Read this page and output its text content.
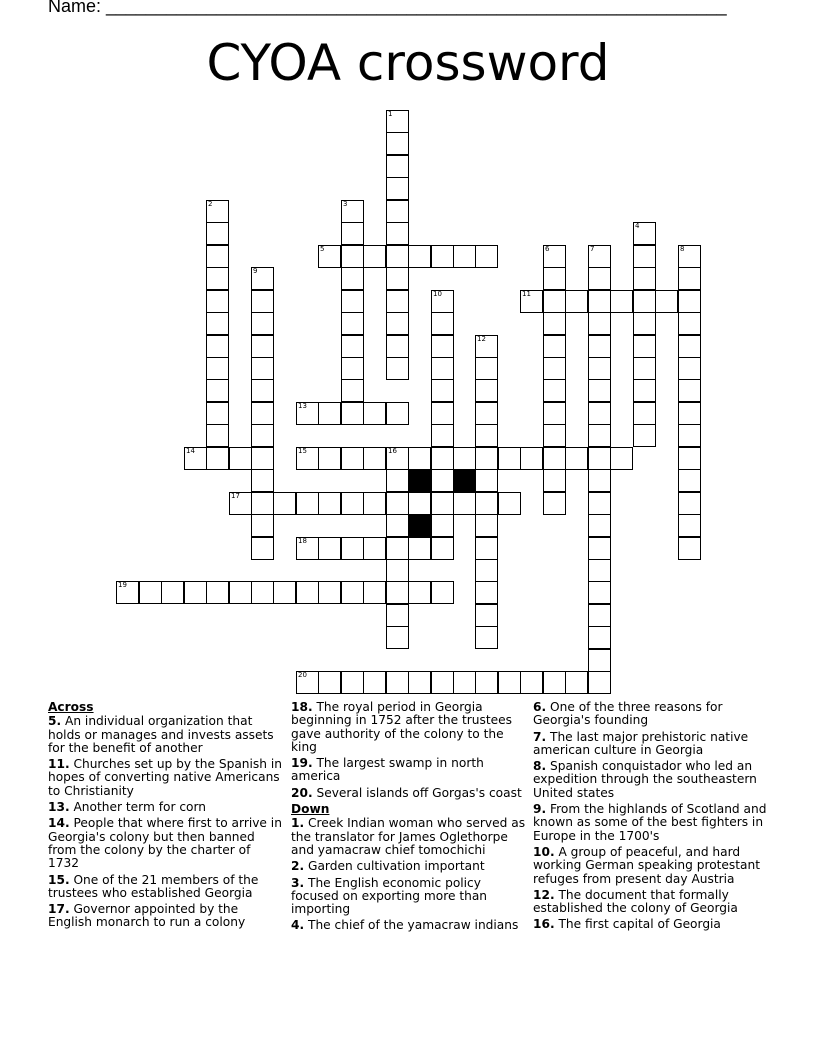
Name: ______________________________________________________________
CYOA crossword
1
2	3
4
5	6	7	8
9
10	11
12
13
14	15	16
17
18
19
20
Across
5. An individual organization that holds or manages and invests assets for the benefit of another
11. Churches set up by the Spanish in hopes of converting native Americans to Christianity
13. Another term for corn
14. People that where first to arrive in Georgia's colony but then banned from the colony by the charter of 1732
15. One of the 21 members of the trustees who established Georgia
17. Governor appointed by the English monarch to run a colony
18. The royal period in Georgia beginning in 1752 after the trustees gave authority of the colony to the king
19. The largest swamp in north america
20. Several islands off Gorgas's coast
Down
1. Creek Indian woman who served as the translator for James Oglethorpe and yamacraw chief tomochichi
2. Garden cultivation important
3. The English economic policy focused on exporting more than importing
4. The chief of the yamacraw indians
6. One of the three reasons for Georgia's founding
7. The last major prehistoric native american culture in Georgia
8. Spanish conquistador who led an expedition through the southeastern United states
9. From the highlands of Scotland and known as some of the best fighters in Europe in the 1700's
10. A group of peaceful, and hard working German speaking protestant refuges from present day Austria
12. The document that formally established the colony of Georgia
16. The first capital of Georgia
